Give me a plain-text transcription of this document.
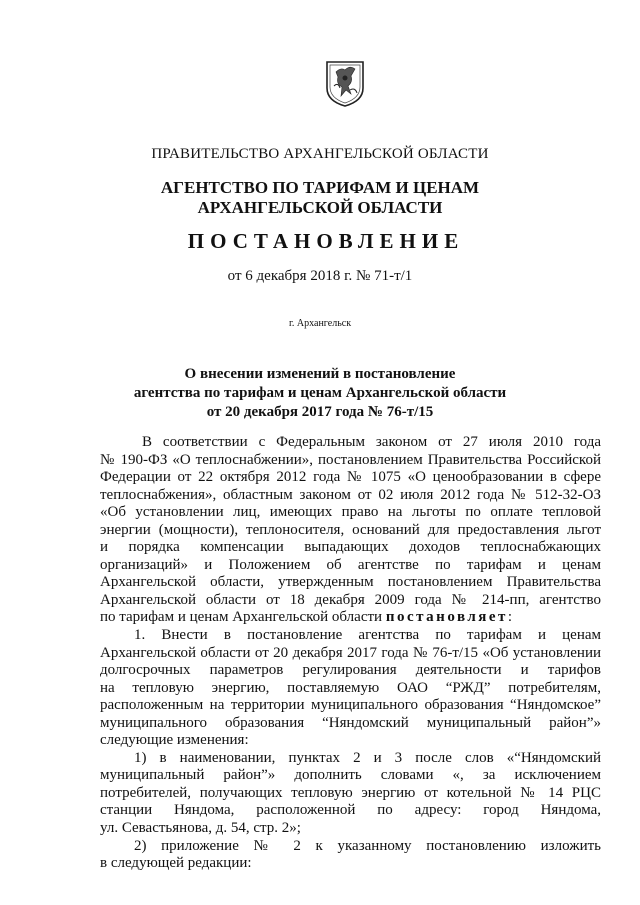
ПРАВИТЕЛЬСТВО АРХАНГЕЛЬСКОЙ ОБЛАСТИ
АГЕНТСТВО ПО ТАРИФАМ И ЦЕНАМ
АРХАНГЕЛЬСКОЙ ОБЛАСТИ
ПОСТАНОВЛЕНИЕ
от 6 декабря 2018 г. № 71-т/1
г. Архангельск
О внесении изменений в постановление
агентства по тарифам и ценам Архангельской области
от 20 декабря 2017 года № 76-т/15

В соответствии с Федеральным законом от 27 июля 2010 года

№ 190-ФЗ «О теплоснабжении», постановлением Правительства Российской

Федерации от 22 октября 2012 года № 1075 «О ценообразовании в сфере

теплоснабжения», областным законом от 02 июля 2012 года № 512-32-ОЗ

«Об установлении лиц, имеющих право на льготы по оплате тепловой

энергии (мощности), теплоносителя, оснований для предоставления льгот

и порядка компенсации выпадающих доходов теплоснабжающих

организаций» и Положением об агентстве по тарифам и ценам

Архангельской области, утвержденным постановлением Правительства

Архангельской области от 18 декабря 2009 года № 214-пп, агентство

по тарифам и ценам Архангельской области постановляет:

1. Внести в постановление агентства по тарифам и ценам

Архангельской области от 20 декабря 2017 года № 76-т/15 «Об установлении

долгосрочных параметров регулирования деятельности и тарифов

на тепловую энергию, поставляемую ОАО “РЖД” потребителям,

расположенным на территории муниципального образования “Няндомское”

муниципального образования “Няндомский муниципальный район”»

следующие изменения:

1) в наименовании, пунктах 2 и 3 после слов «“Няндомский

муниципальный район”» дополнить словами «, за исключением

потребителей, получающих тепловую энергию от котельной № 14 РЦС

станции Няндома, расположенной по адресу: город Няндома,

ул. Севастьянова, д. 54, стр. 2»;

2) приложение № 2 к указанному постановлению изложить

в следующей редакции:
